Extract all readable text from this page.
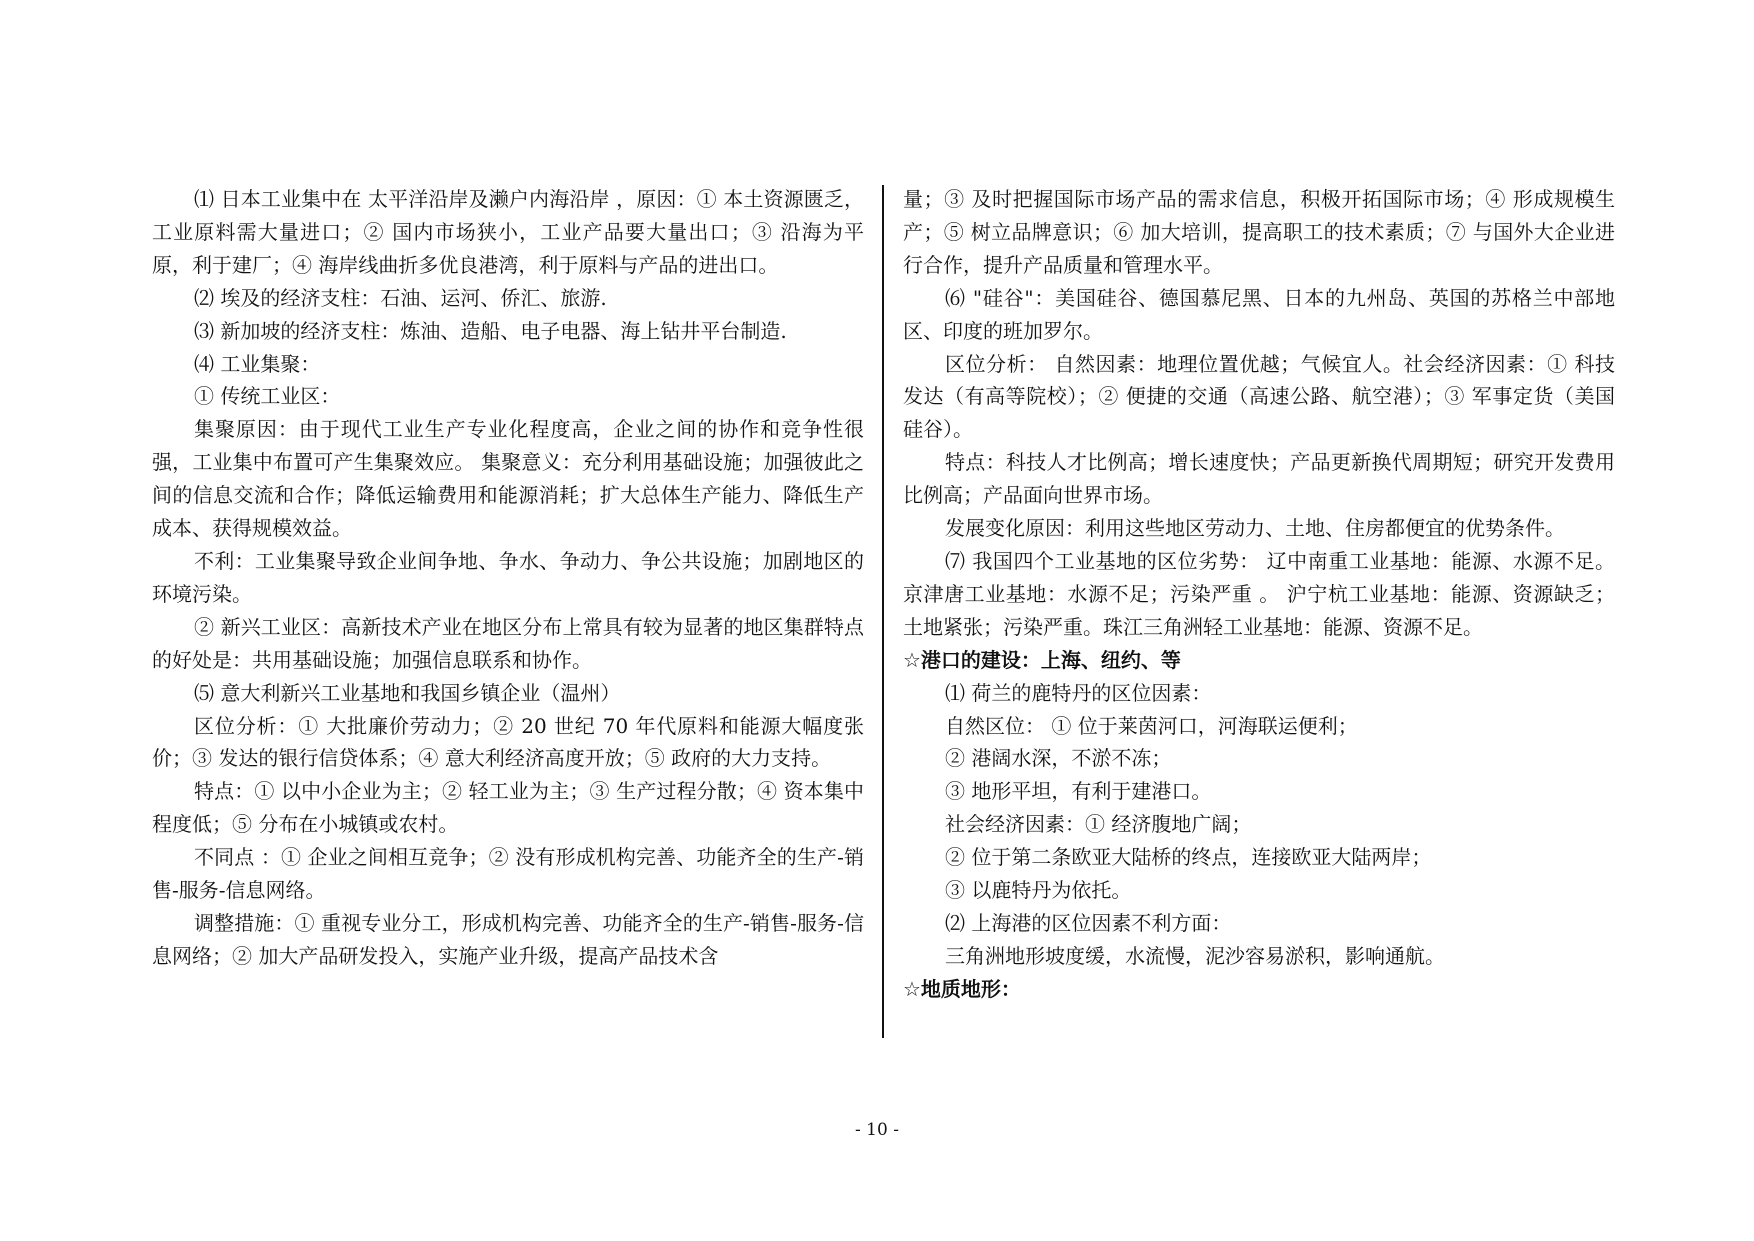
⑴ 日本工业集中在 太平洋沿岸及濑户内海沿岸 ，原因：① 本土资源匮乏，工业原料需大量进口；② 国内市场狭小，工业产品要大量出口；③ 沿海为平原，利于建厂；④ 海岸线曲折多优良港湾，利于原料与产品的进出口。

⑵ 埃及的经济支柱：石油、运河、侨汇、旅游.

⑶ 新加坡的经济支柱：炼油、造船、电子电器、海上钻井平台制造.

⑷ 工业集聚：

① 传统工业区：

集聚原因：由于现代工业生产专业化程度高，企业之间的协作和竞争性很强，工业集中布置可产生集聚效应。 集聚意义：充分利用基础设施；加强彼此之间的信息交流和合作；降低运输费用和能源消耗；扩大总体生产能力、降低生产成本、获得规模效益。

不利：工业集聚导致企业间争地、争水、争动力、争公共设施；加剧地区的环境污染。

② 新兴工业区：高新技术产业在地区分布上常具有较为显著的地区集群特点的好处是：共用基础设施；加强信息联系和协作。

⑸ 意大利新兴工业基地和我国乡镇企业（温州）

区位分析：① 大批廉价劳动力；② 20 世纪 70 年代原料和能源大幅度张价；③ 发达的银行信贷体系；④ 意大利经济高度开放；⑤ 政府的大力支持。

特点：① 以中小企业为主；② 轻工业为主；③ 生产过程分散；④ 资本集中程度低；⑤ 分布在小城镇或农村。

不同点 ：① 企业之间相互竞争；② 没有形成机构完善、功能齐全的生产-销售-服务-信息网络。

调整措施：① 重视专业分工，形成机构完善、功能齐全的生产-销售-服务-信息网络；② 加大产品研发投入，实施产业升级，提高产品技术含

量；③ 及时把握国际市场产品的需求信息，积极开拓国际市场；④ 形成规模生产；⑤ 树立品牌意识；⑥ 加大培训，提高职工的技术素质；⑦ 与国外大企业进行合作，提升产品质量和管理水平。

⑹ "硅谷"：美国硅谷、德国慕尼黑、日本的九州岛、英国的苏格兰中部地区、印度的班加罗尔。

区位分析： 自然因素：地理位置优越；气候宜人。社会经济因素：① 科技发达（有高等院校）；② 便捷的交通（高速公路、航空港）；③ 军事定货（美国硅谷）。

特点：科技人才比例高；增长速度快；产品更新换代周期短；研究开发费用比例高；产品面向世界市场。

发展变化原因：利用这些地区劳动力、土地、住房都便宜的优势条件。

⑺ 我国四个工业基地的区位劣势： 辽中南重工业基地：能源、水源不足。 京津唐工业基地：水源不足；污染严重 。 沪宁杭工业基地：能源、资源缺乏；土地紧张；污染严重。珠江三角洲轻工业基地：能源、资源不足。

☆港口的建设：上海、纽约、等

⑴ 荷兰的鹿特丹的区位因素：

自然区位： ① 位于莱茵河口，河海联运便利；

② 港阔水深，不淤不冻；

③ 地形平坦，有利于建港口。

社会经济因素：① 经济腹地广阔；

② 位于第二条欧亚大陆桥的终点，连接欧亚大陆两岸；

③ 以鹿特丹为依托。

⑵ 上海港的区位因素不利方面：

三角洲地形坡度缓，水流慢，泥沙容易淤积，影响通航。

☆地质地形：

- 10 -
